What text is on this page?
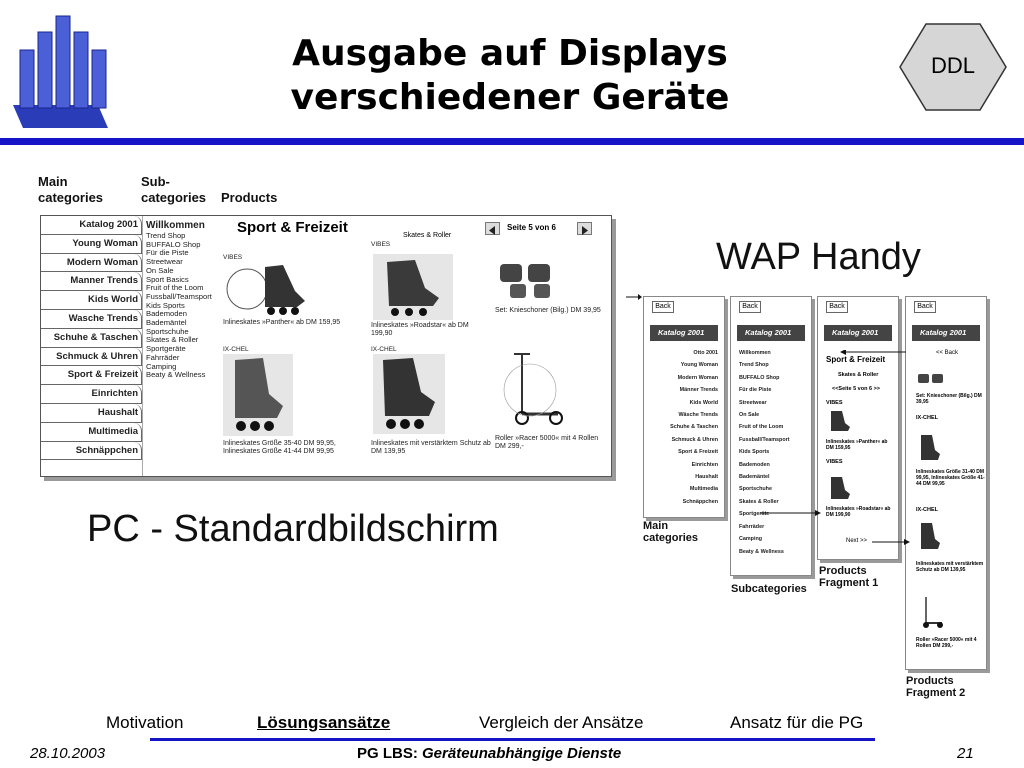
Ausgabe auf Displays
verschiedener Geräte
DDL
Main
categories
Sub-
categories Products
Katalog 2001
Young Woman
Modern Woman
Manner Trends
Kids World
Wasche Trends
Schuhe & Taschen
Schmuck & Uhren
Sport & Freizeit
Einrichten
Haushalt
Multimedia
Schnäppchen
Willkommen
Trend Shop
BUFFALO Shop
Für die Piste
Streetwear
On Sale
Sport Basics
Fruit of the Loom
Fussball/Teamsport
Kids Sports
Bademoden
Bademäntel
Sportschuhe
Skates & Roller
Sportgeräte
Fahrräder
Camping
Beaty & Wellness
Sport & Freizeit	Skates & Roller
Seite 5 von 6
VIBES
Inlineskates »Panther« ab DM 159,95
VIBES
Inlineskates »Roadstar« ab DM 199,90
Set: Knieschoner (Bilg.) DM 39,95
IX-CHEL
Inlineskates Größe 35-40 DM 99,95, Inlineskates Größe 41-44 DM 99,95
IX-CHEL
Inlineskates mit verstärktem Schutz ab DM 139,95
Roller »Racer 5000« mit 4 Rollen DM 299,-
PC - Standardbildschirm
WAP Handy
Back
Katalog 2001
Otto 2001
Young Woman
Modern Woman
Männer Trends
Kids World
Wäsche Trends
Schuhe & Taschen
Schmuck & Uhren
Sport & Freizeit
Einrichten
Haushalt
Multimedia
Schnäppchen
Back
Katalog 2001
Willkommen
Trend Shop
BUFFALO Shop
Für die Piste
Streetwear
On Sale
Fruit of the Loom
Fussball/Teamsport
Kids Sports
Bademoden
Bademäntel
Sportschuhe
Skates & Roller
Sportgeräte
Fahrräder
Camping
Beaty & Wellness
Back
Katalog 2001
Sport & Freizeit
Skates & Roller
<<Seite 5 von 6 >>
VIBES
Inlineskates »Panther« ab DM 159,95
VIBES
Inlineskates »Roadstar« ab DM 199,90
Next >>
Back
Katalog 2001
<< Back
Set: Knieschoner (Bilg.) DM 39,95
IX-CHEL
Inlineskates Größe 31-40 DM 99,95, Inlineskates Größe 41-44 DM 99,95
IX-CHEL
Inlineskates mit verstärktem Schutz ab DM 139,95
Roller »Racer 5000« mit 4 Rollen DM 299,-
Main
categories
Subcategories
Products
Fragment 1
Products
Fragment 2
Motivation	Lösungsansätze	Vergleich der Ansätze	Ansatz für die PG
28.10.2003	PG LBS: Geräteunabhängige Dienste	21
